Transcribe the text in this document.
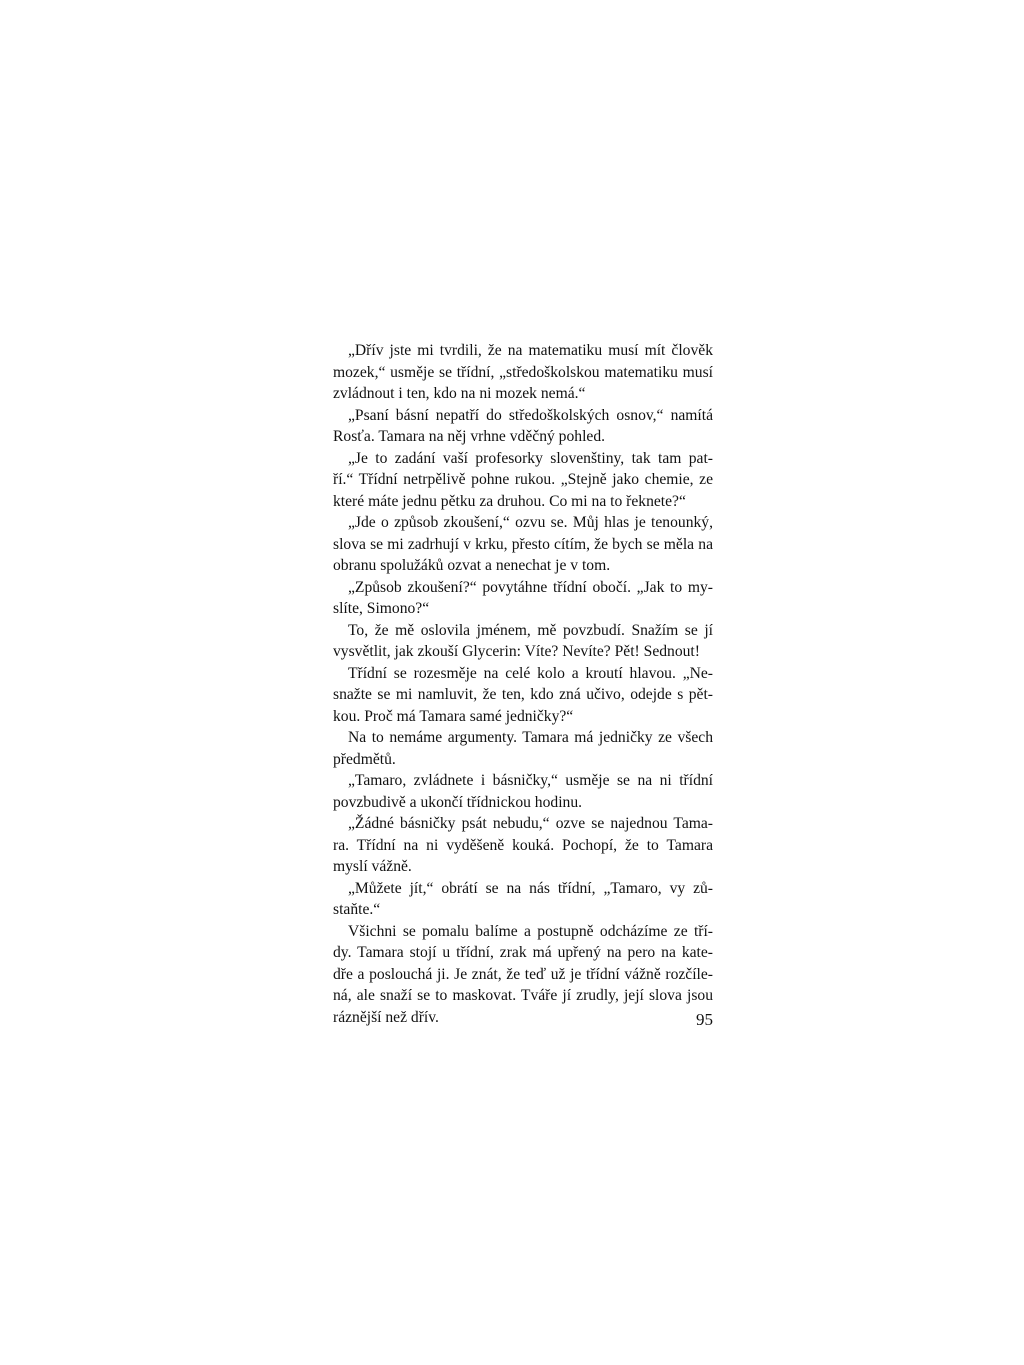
„Dřív jste mi tvrdili, že na matematiku musí mít člověk
mozek,“ usměje se třídní, „středoškolskou matematiku musí
zvládnout i ten, kdo na ni mozek nemá.“
„Psaní básní nepatří do středoškolských osnov,“ namítá
Rosťa. Tamara na něj vrhne vděčný pohled.
„Je to zadání vaší profesorky slovenštiny, tak tam pat-
ří.“ Třídní netrpělivě pohne rukou. „Stejně jako chemie, ze
které máte jednu pětku za druhou. Co mi na to řeknete?“
„Jde o způsob zkoušení,“ ozvu se. Můj hlas je tenounký,
slova se mi zadrhují v krku, přesto cítím, že bych se měla na
obranu spolužáků ozvat a nenechat je v tom.
„Způsob zkoušení?“ povytáhne třídní obočí. „Jak to my-
slíte, Simono?“
To, že mě oslovila jménem, mě povzbudí. Snažím se jí
vysvětlit, jak zkouší Glycerin: Víte? Nevíte? Pět! Sednout!
Třídní se rozesměje na celé kolo a kroutí hlavou. „Ne-
snažte se mi namluvit, že ten, kdo zná učivo, odejde s pět-
kou. Proč má Tamara samé jedničky?“
Na to nemáme argumenty. Tamara má jedničky ze všech
předmětů.
„Tamaro, zvládnete i básničky,“ usměje se na ni třídní
povzbudivě a ukončí třídnickou hodinu.
„Žádné básničky psát nebudu,“ ozve se najednou Tama-
ra. Třídní na ni vyděšeně kouká. Pochopí, že to Tamara
myslí vážně.
„Můžete jít,“ obrátí se na nás třídní, „Tamaro, vy zů-
staňte.“
Všichni se pomalu balíme a postupně odcházíme ze tří-
dy. Tamara stojí u třídní, zrak má upřený na pero na kate-
dře a poslouchá ji. Je znát, že teď už je třídní vážně rozčíle-
ná, ale snaží se to maskovat. Tváře jí zrudly, její slova jsou
ráznější než dřív.	95
